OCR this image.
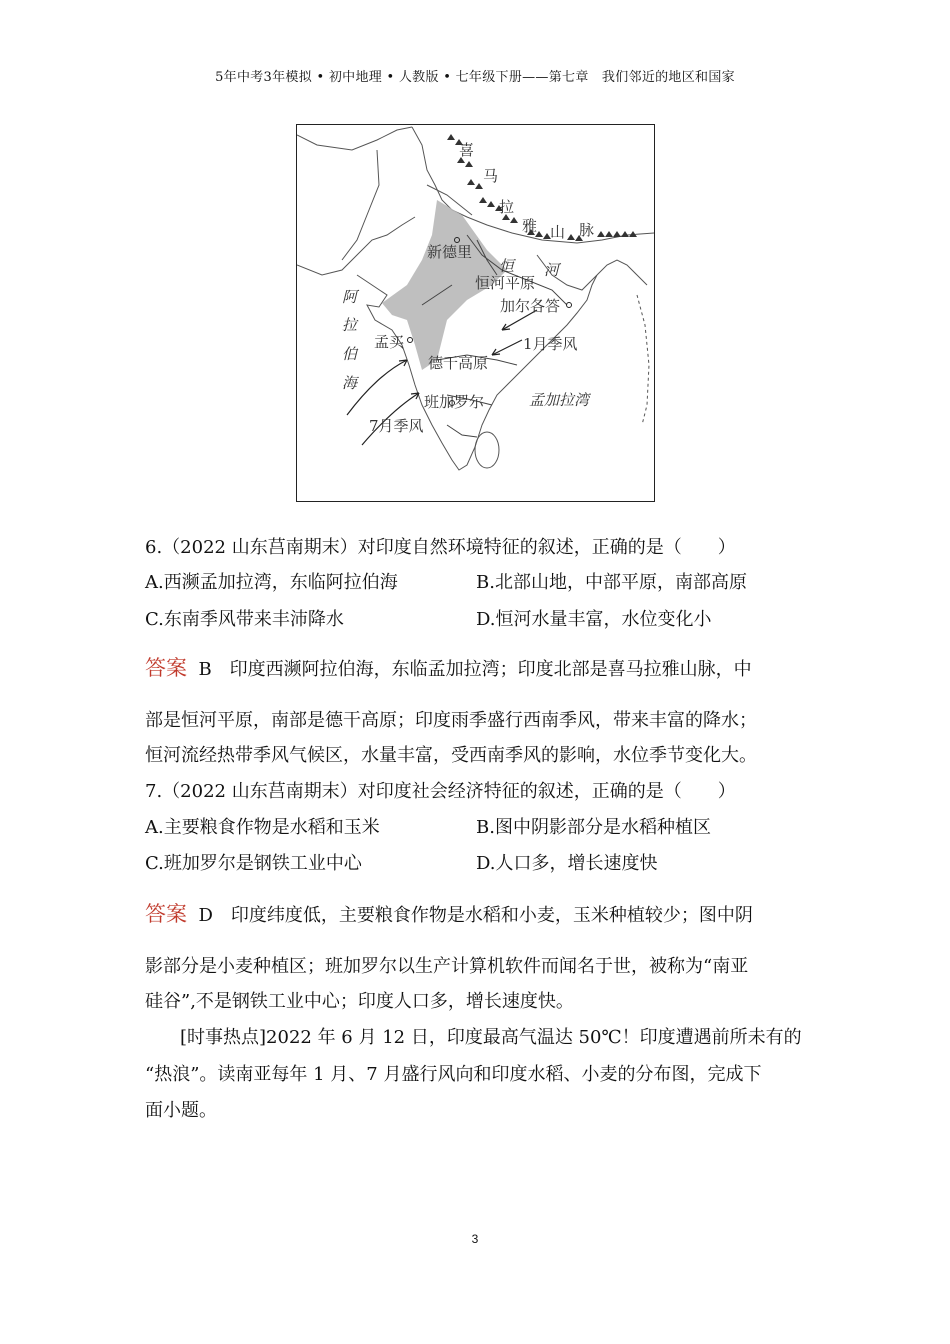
5年中考3年模拟 • 初中地理 • 人教版 • 七年级下册——第七章　我们邻近的地区和国家
喜
马
拉
雅 山 脉
新德里
恒 河
恒河平原
加尔各答
阿
拉
伯
海
孟买	1月季风
德干高原
班加罗尔	孟加拉湾
7月季风
6.（2022 山东莒南期末）对印度自然环境特征的叙述，正确的是（　　）
A.西濒孟加拉湾，东临阿拉伯海	B.北部山地，中部平原，南部高原
C.东南季风带来丰沛降水	D.恒河水量丰富，水位变化小
答案 B　印度西濒阿拉伯海，东临孟加拉湾；印度北部是喜马拉雅山脉，中
部是恒河平原，南部是德干高原；印度雨季盛行西南季风，带来丰富的降水；
恒河流经热带季风气候区，水量丰富，受西南季风的影响，水位季节变化大。
7.（2022 山东莒南期末）对印度社会经济特征的叙述，正确的是（　　）
A.主要粮食作物是水稻和玉米	B.图中阴影部分是水稻种植区
C.班加罗尔是钢铁工业中心	D.人口多，增长速度快
答案 D　印度纬度低，主要粮食作物是水稻和小麦，玉米种植较少；图中阴
影部分是小麦种植区；班加罗尔以生产计算机软件而闻名于世，被称为“南亚
硅谷”,不是钢铁工业中心；印度人口多，增长速度快。
[时事热点]2022 年 6 月 12 日，印度最高气温达 50℃！印度遭遇前所未有的
“热浪”。读南亚每年 1 月、7 月盛行风向和印度水稻、小麦的分布图，完成下
面小题。
3
